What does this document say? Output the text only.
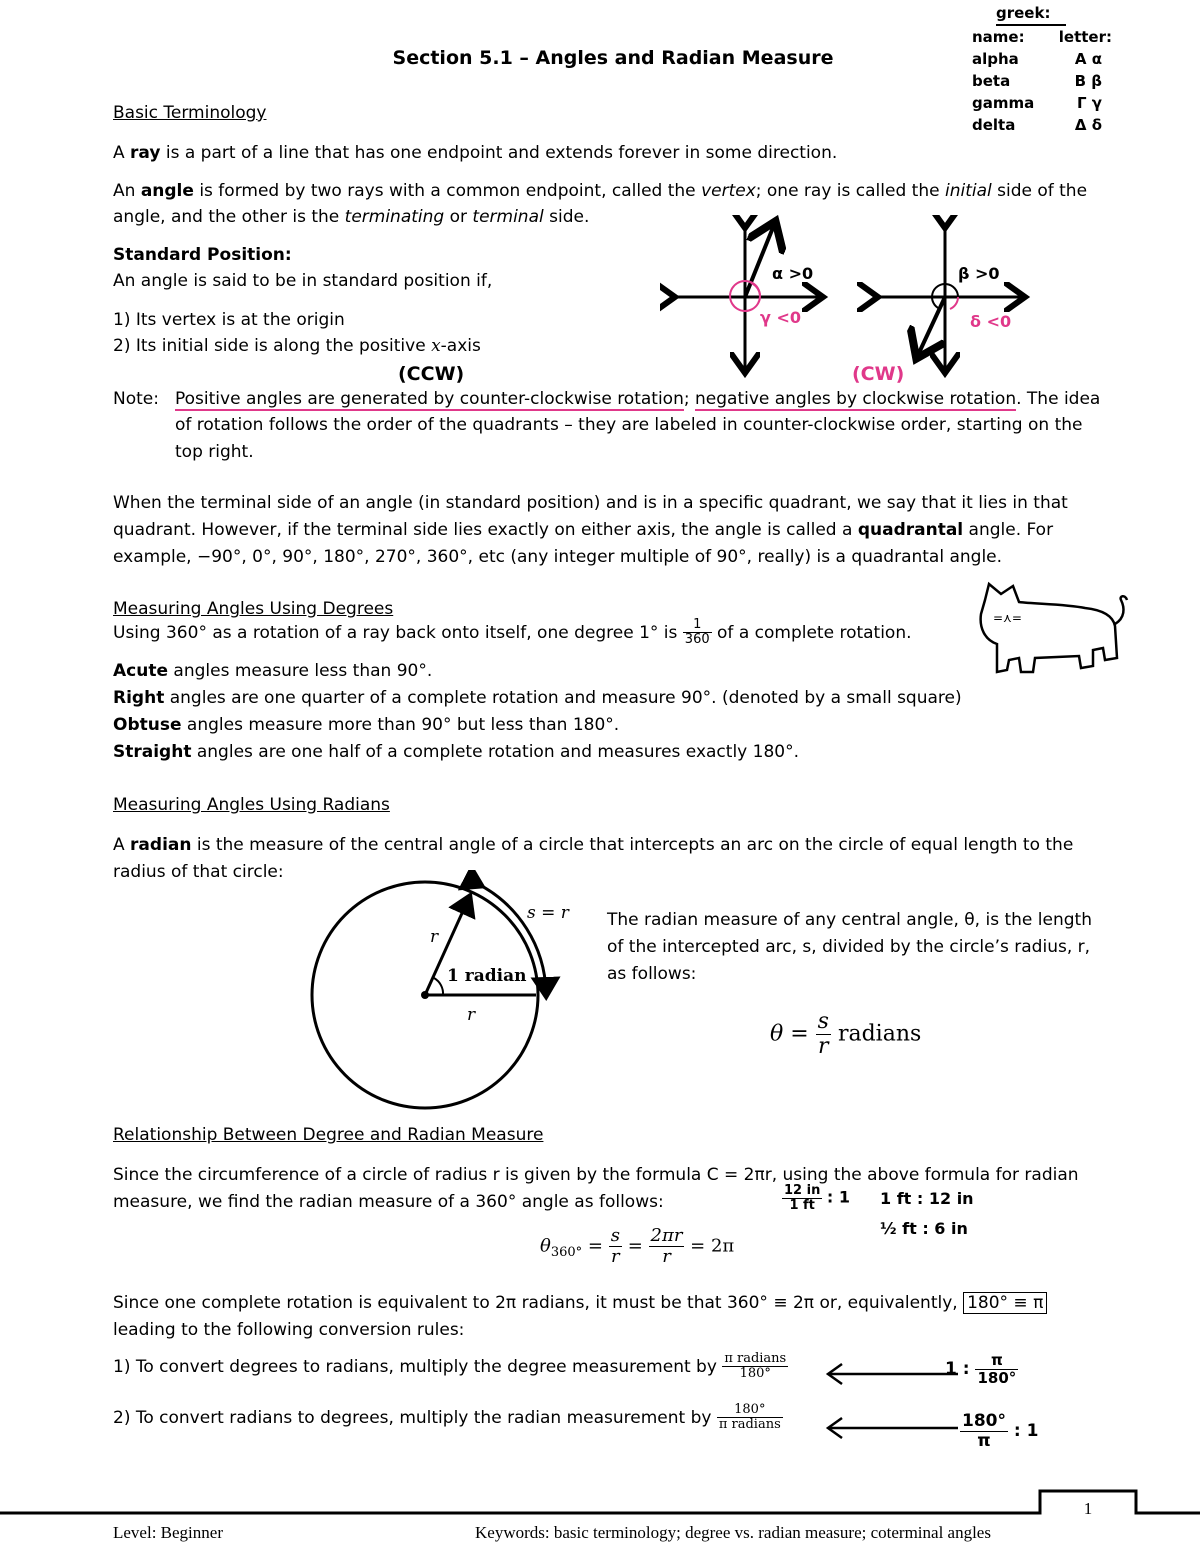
Section 5.1 – Angles and Radian Measure
greek:
name: letter:
alpha	A α
beta	B β
gamma	Γ γ
delta	Δ δ
Basic Terminology
A ray is a part of a line that has one endpoint and extends forever in some direction.
An angle is formed by two rays with a common endpoint, called the vertex; one ray is called the initial side of the
angle, and the other is the terminating or terminal side.
Standard Position:
An angle is said to be in standard position if,
1) Its vertex is at the origin
2) Its initial side is along the positive x-axis
(CCW)	(CW)
α >0
γ <0
β >0
δ <0
Note: Positive angles are generated by counter-clockwise rotation; negative angles by clockwise rotation. The idea
of rotation follows the order of the quadrants – they are labeled in counter-clockwise order, starting on the
top right.
When the terminal side of an angle (in standard position) and is in a specific quadrant, we say that it lies in that
quadrant. However, if the terminal side lies exactly on either axis, the angle is called a quadrantal angle. For
example, −90°, 0°, 90°, 180°, 270°, 360°, etc (any integer multiple of 90°, really) is a quadrantal angle.
Measuring Angles Using Degrees
Using 360° as a rotation of a ray back onto itself, one degree 1° is $\frac{1}{360}$ of a complete rotation.
Acute angles measure less than 90°.
Right angles are one quarter of a complete rotation and measure 90°. (denoted by a small square)
Obtuse angles measure more than 90° but less than 180°.
Straight angles are one half of a complete rotation and measures exactly 180°.
=⋏=
Measuring Angles Using Radians
A radian is the measure of the central angle of a circle that intercepts an arc on the circle of equal length to the
radius of that circle:
s = r
r
r
1 radian
The radian measure of any central angle, θ, is the length
of the intercepted arc, s, divided by the circle’s radius, r,
as follows:
$\theta = \frac{s}{r}$ radians
Relationship Between Degree and Radian Measure
Since the circumference of a circle of radius r is given by the formula C = 2πr, using the above formula for radian
measure, we find the radian measure of a 360° angle as follows:
$\theta_{360^\circ} = \frac{s}{r} = \frac{2\pi r}{r} = 2\pi$
$\frac{12 in}{1 ft}$ : 1 1 ft : 12 in
½ ft : 6 in
Since one complete rotation is equivalent to 2π radians, it must be that 360° ≡ 2π or, equivalently, 180° ≡ π
leading to the following conversion rules:
1) To convert degrees to radians, multiply the degree measurement by $\frac{\text{π radians}}{180^\circ}$
2) To convert radians to degrees, multiply the radian measurement by $\frac{180^\circ}{\text{π radians}}$
1 : $\frac{\pi}{180^\circ}$
$\frac{180^\circ}{\pi}$ : 1
1
Level: Beginner	Keywords: basic terminology; degree vs. radian measure; coterminal angles
